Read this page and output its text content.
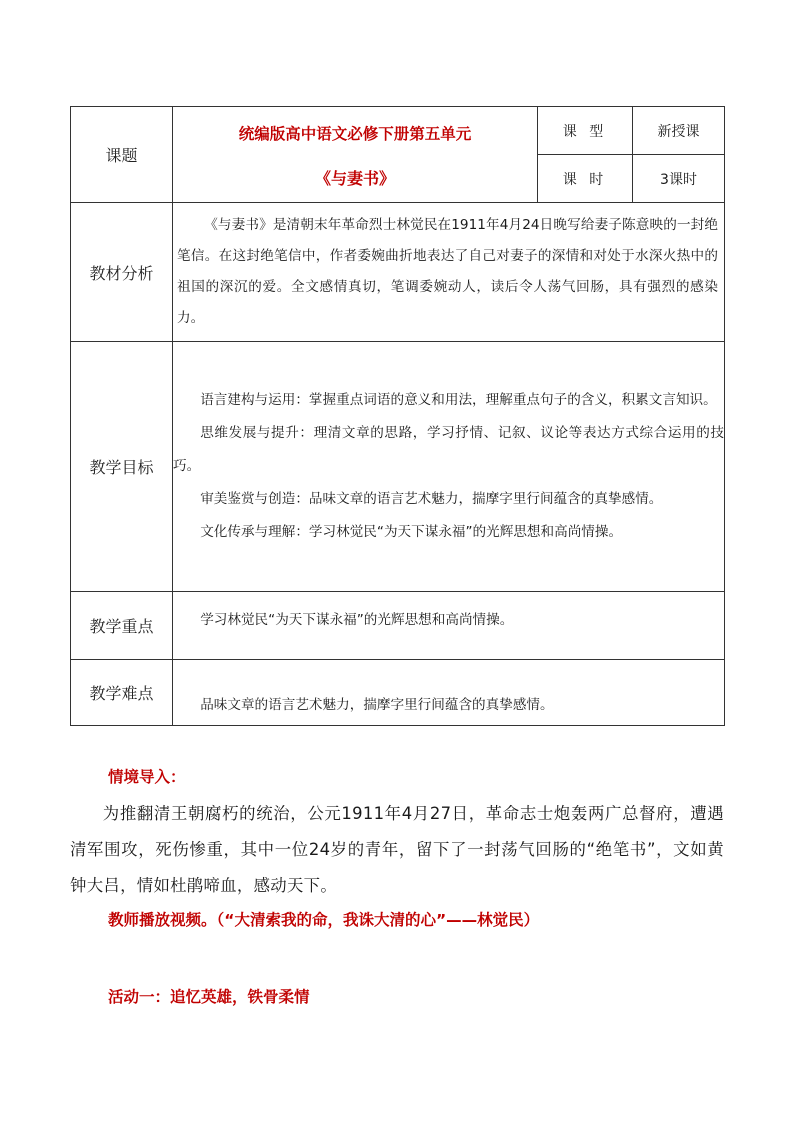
课题	统编版高中语文必修下册第五单元
《与妻书》	课 型	新授课
		课 时	3课时
教材分析	《与妻书》是清朝末年革命烈士林觉民在1911年4月24日晚写给妻子陈意映的一封绝笔信。在这封绝笔信中，作者委婉曲折地表达了自己对妻子的深情和对处于水深火热中的祖国的深沉的爱。全文感情真切，笔调委婉动人，读后令人荡气回肠，具有强烈的感染力。		

教学目标	语言建构与运用：掌握重点词语的意义和用法，理解重点句子的含义，积累文言知识。

思维发展与提升：理清文章的思路，学习抒情、记叙、议论等表达方式综合运用的技巧。

审美鉴赏与创造：品味文章的语言艺术魅力，揣摩字里行间蕴含的真挚感情。

文化传承与理解：学习林觉民“为天下谋永福”的光辉思想和高尚情操。		

教学重点	学习林觉民“为天下谋永福”的光辉思想和高尚情操。		
教学难点	品味文章的语言艺术魅力，揣摩字里行间蕴含的真挚感情。		
情境导入：

为推翻清王朝腐朽的统治，公元1911年4月27日，革命志士炮轰两广总督府，遭遇清军围攻，死伤惨重，其中一位24岁的青年，留下了一封荡气回肠的“绝笔书”，文如黄钟大吕，情如杜鹃啼血，感动天下。

教师播放视频。（“大清索我的命，我诛大清的心”——林觉民）
活动一：追忆英雄，铁骨柔情
